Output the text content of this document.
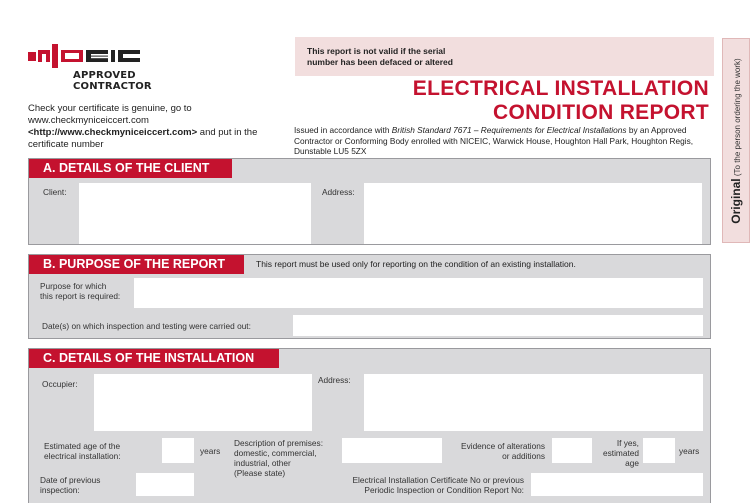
APPROVED
CONTRACTOR
Check your certificate is genuine, go to
www.checkmyniceiccert.com
<http://www.checkmyniceiccert.com> and put in the
certificate number
This report is not valid if the serial
number has been defaced or altered
ELECTRICAL INSTALLATION
CONDITION REPORT
Issued in accordance with British Standard 7671 – Requirements for Electrical Installations by an Approved Contractor or Conforming Body enrolled with NICEIC, Warwick House, Houghton Hall Park, Houghton Regis, Dunstable LU5 5ZX
Original (To the person ordering the work)
A. DETAILS OF THE CLIENT
Client:	Address:
B. PURPOSE OF THE REPORT	This report must be used only for reporting on the condition of an existing installation.
Purpose for which
this report is required:
Date(s) on which inspection and testing were carried out:
C. DETAILS OF THE INSTALLATION
Occupier:	Address:
Estimated age of the
electrical installation:	years
Description of premises:
domestic, commercial,
industrial, other
(Please state)
Evidence of alterations
or additions
If yes,
estimated
age
years
Date of previous
inspection:
Electrical Installation Certificate No or previous
Periodic Inspection or Condition Report No:
